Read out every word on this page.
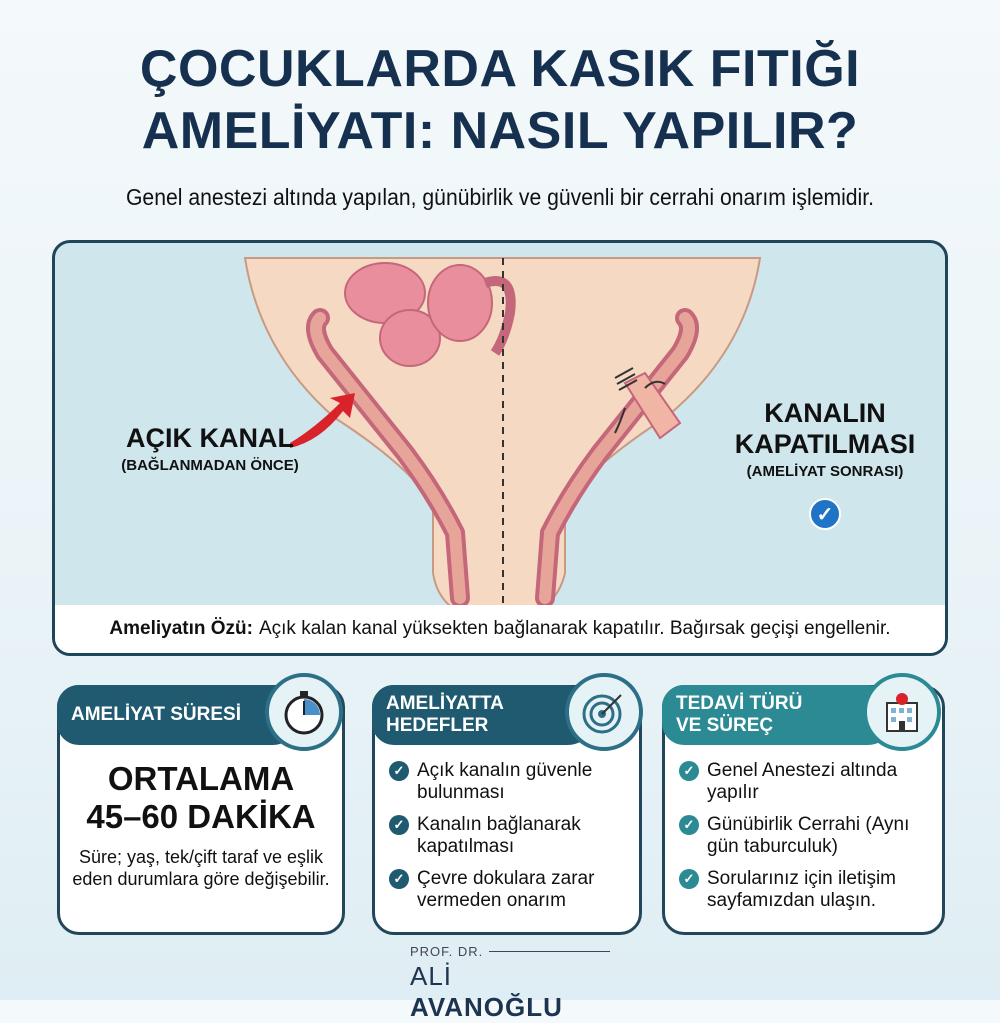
ÇOCUKLARDA KASIK FITIĞI
AMELİYATI: NASIL YAPILIR?
Genel anestezi altında yapılan, günübirlik ve güvenli bir cerrahi onarım işlemidir.
AÇIK KANAL
(BAĞLANMADAN ÖNCE)
KANALIN
KAPATILMASI
(AMELİYAT SONRASI)
✓
Ameliyatın Özü: Açık kalan kanal yüksekten bağlanarak kapatılır. Bağırsak geçişi engellenir.
AMELİYAT SÜRESİ
ORTALAMA
45–60 DAKİKA
Süre; yaş, tek/çift taraf ve eşlik eden durumlara göre değişebilir.
AMELİYATTA
HEDEFLER
✓ Açık kanalın güvenle bulunması
✓ Kanalın bağlanarak kapatılması
✓ Çevre dokulara zarar vermeden onarım
TEDAVİ TÜRÜ
VE SÜREÇ
✓ Genel Anestezi altında yapılır
✓ Günübirlik Cerrahi (Aynı gün taburculuk)
✓ Sorularınız için iletişim sayfamızdan ulaşın.
PROF. DR.
ALİ AVANOĞLU
